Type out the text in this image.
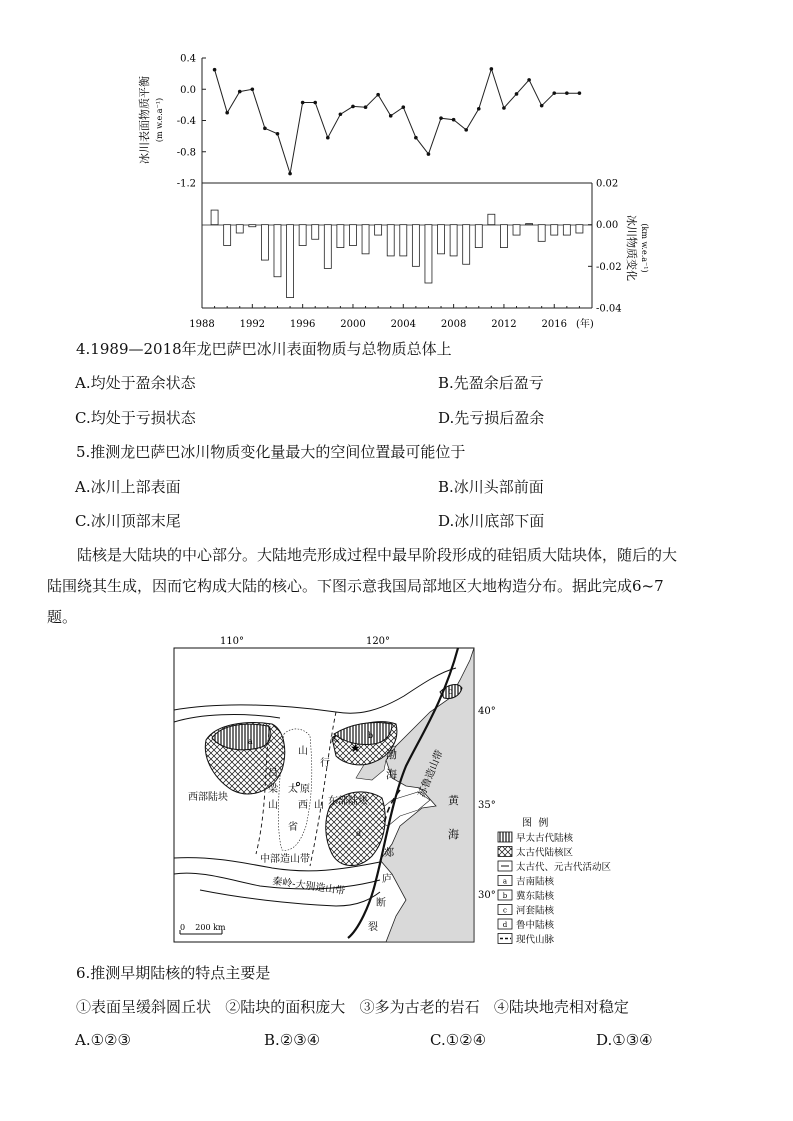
0.4
0.0
-0.4
-0.8
-1.2	0.02
0.00
-0.02
-0.04
1988 1992 1996 2000 2004 2008 2012 2016
冰川表面物质平衡 (m w.e.a⁻¹)
冰川物质变化 (km w.e.a⁻¹)
(年)
4.1989—2018年龙巴萨巴冰川表面物质与总物质总体上
A.均处于盈余状态	B.先盈余后盈亏
C.均处于亏损状态	D.先亏损后盈余
5.推测龙巴萨巴冰川物质变化量最大的空间位置最可能位于
A.冰川上部表面	B.冰川头部前面
C.冰川顶部末尾	D.冰川底部下面
陆核是大陆块的中心部分。大陆地壳形成过程中最早阶段形成的硅铝质大陆块体，随后的大
陆围绕其生成，因而它构成大陆的核心。下图示意我国局部地区大地构造分布。据此完成6~7
题。
110°	120°
40°
35°
30°
西部陆块	东部陆块
中部造山带
秦岭-大别造山带
苏鲁造山带
渤
海
黄
海
吕
梁
山
山
西
省
太 原
太
行
山
郯
庐
断
裂
a
b
c
d
★
0    200 km
图  例
早太古代陆核
太古代陆核区
太古代、元古代活动区
a 吉南陆核
b 冀东陆核
c 河套陆核
d 鲁中陆核
现代山脉
6.推测早期陆核的特点主要是
①表面呈缓斜圆丘状   ②陆块的面积庞大   ③多为古老的岩石   ④陆块地壳相对稳定
A.①②③	B.②③④	C.①②④	D.①③④
